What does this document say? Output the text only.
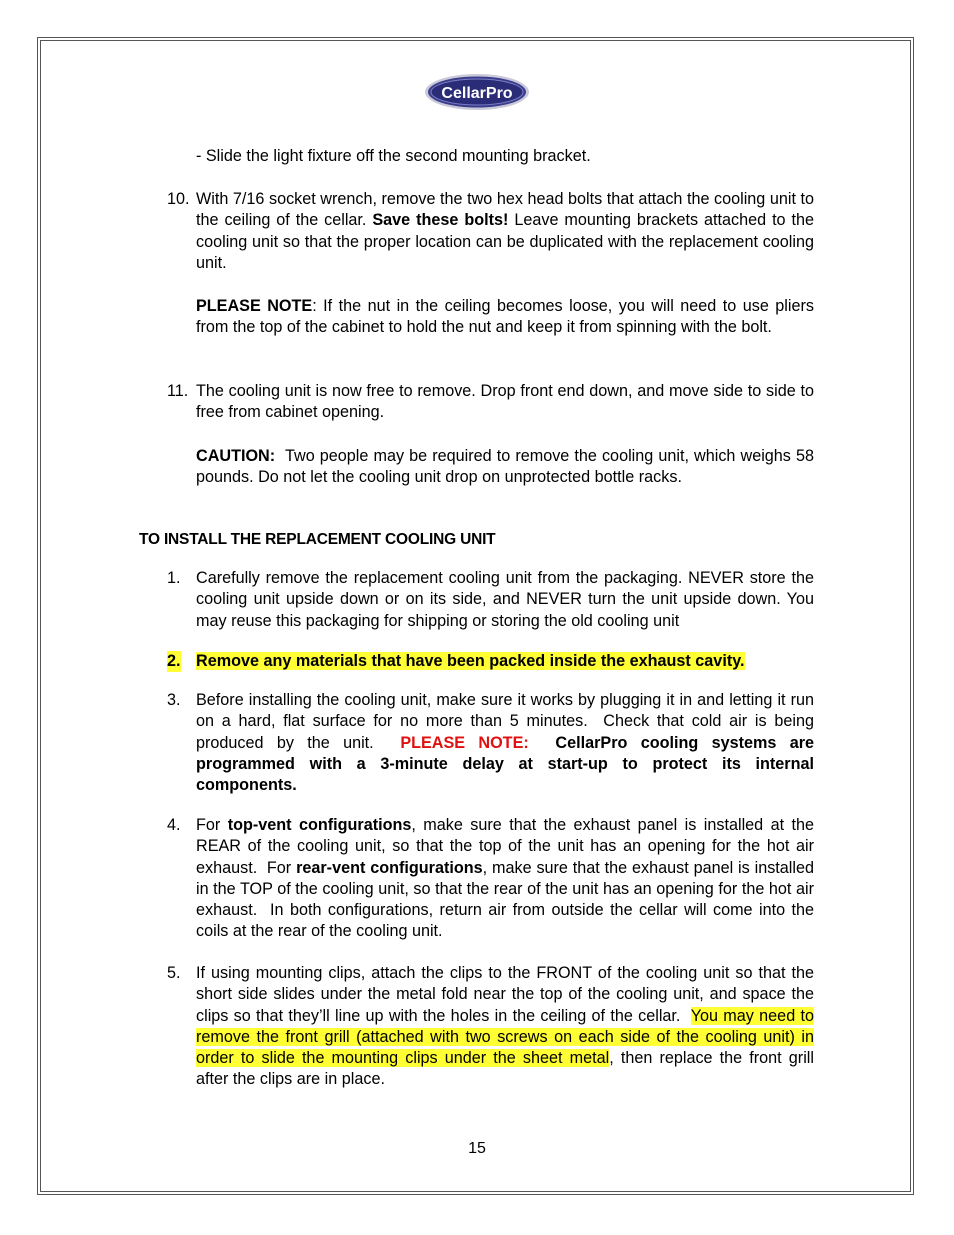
CellarPro
- Slide the light fixture off the second mounting bracket.
10. With 7/16 socket wrench, remove the two hex head bolts that attach the cooling unit to the ceiling of the cellar. Save these bolts! Leave mounting brackets attached to the cooling unit so that the proper location can be duplicated with the replacement cooling unit.
PLEASE NOTE: If the nut in the ceiling becomes loose, you will need to use pliers from the top of the cabinet to hold the nut and keep it from spinning with the bolt.
11. The cooling unit is now free to remove. Drop front end down, and move side to side to free from cabinet opening.
CAUTION:  Two people may be required to remove the cooling unit, which weighs 58 pounds. Do not let the cooling unit drop on unprotected bottle racks.
TO INSTALL THE REPLACEMENT COOLING UNIT
1. Carefully remove the replacement cooling unit from the packaging. NEVER store the cooling unit upside down or on its side, and NEVER turn the unit upside down. You may reuse this packaging for shipping or storing the old cooling unit
2. Remove any materials that have been packed inside the exhaust cavity.
3. Before installing the cooling unit, make sure it works by plugging it in and letting it run on a hard, flat surface for no more than 5 minutes.  Check that cold air is being produced by the unit.  PLEASE NOTE:  CellarPro cooling systems are programmed with a 3-minute delay at start-up to protect its internal components.
4. For top-vent configurations, make sure that the exhaust panel is installed at the REAR of the cooling unit, so that the top of the unit has an opening for the hot air exhaust.  For rear-vent configurations, make sure that the exhaust panel is installed in the TOP of the cooling unit, so that the rear of the unit has an opening for the hot air exhaust.  In both configurations, return air from outside the cellar will come into the coils at the rear of the cooling unit.
5. If using mounting clips, attach the clips to the FRONT of the cooling unit so that the short side slides under the metal fold near the top of the cooling unit, and space the clips so that they’ll line up with the holes in the ceiling of the cellar.  You may need to remove the front grill (attached with two screws on each side of the cooling unit) in order to slide the mounting clips under the sheet metal, then replace the front grill after the clips are in place.
15
